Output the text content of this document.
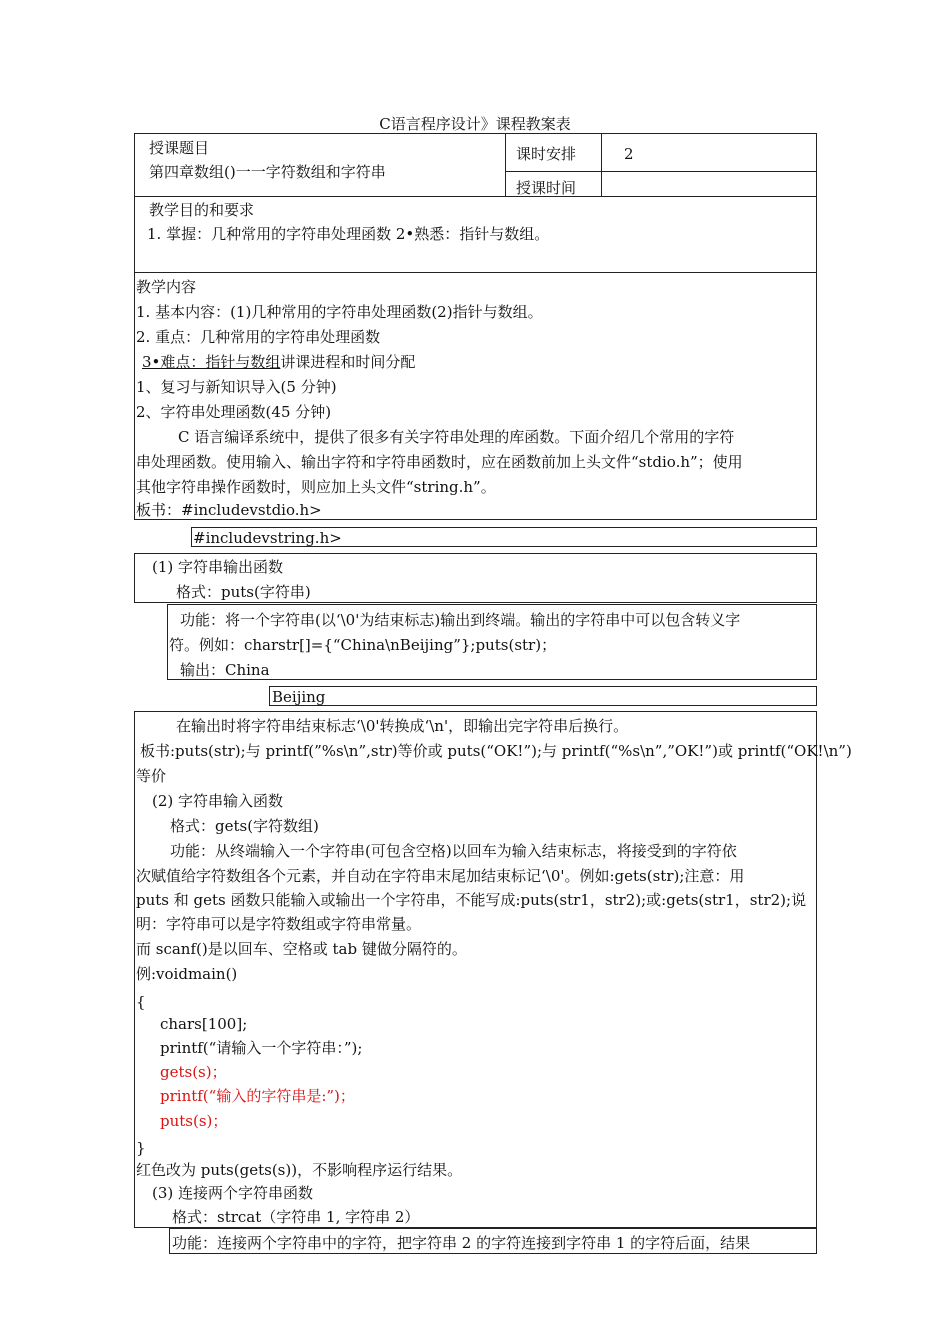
C语言程序设计》课程教案表
授课题目
第四章数组()一一字符数组和字符串
课时安排	2
授课时间
教学目的和要求
1. 掌握：几种常用的字符串处理函数 2•熟悉：指针与数组。
教学内容
1. 基本内容：(1)几种常用的字符串处理函数(2)指针与数组。
2. 重点：几种常用的字符串处理函数
3•难点：指针与数组讲课进程和时间分配
1、复习与新知识导入(5 分钟)
2、字符串处理函数(45 分钟)
C 语言编译系统中，提供了很多有关字符串处理的库函数。下面介绍几个常用的字符
串处理函数。使用输入、输出字符和字符串函数时，应在函数前加上头文件“stdio.h”；使用
其他字符串操作函数时，则应加上头文件“string.h”。
板书：#includevstdio.h>
#includevstring.h>
(1) 字符串输出函数
格式：puts(字符串)
功能：将一个字符串(以‘\0'为结束标志)输出到终端。输出的字符串中可以包含转义字
符。例如：charstr[]={“China\nBeijing”};puts(str)；
输出：China
Beijing
在输出时将字符串结束标志‘\0'转换成‘\n'，即输出完字符串后换行。
板书:puts(str);与 printf(”%s\n”,str)等价或 puts(“OK!”);与 printf(“%s\n”,”OK!”)或 printf(“OK!\n”)
等价
(2) 字符串输入函数
格式：gets(字符数组)
功能：从终端输入一个字符串(可包含空格)以回车为输入结束标志，将接受到的字符依
次赋值给字符数组各个元素，并自动在字符串末尾加结束标记‘\0'。例如:gets(str);注意：用
puts 和 gets 函数只能输入或输出一个字符串，不能写成:puts(str1，str2);或:gets(str1，str2);说
明：字符串可以是字符数组或字符串常量。
而 scanf()是以回车、空格或 tab 键做分隔符的。
例:voidmain()
{
chars[100];
printf(“请输入一个字符串：”);
gets(s)；
printf(“输入的字符串是:”)；
puts(s)；
}
红色改为 puts(gets(s))，不影响程序运行结果。
(3) 连接两个字符串函数
格式：strcat（字符串 1, 字符串 2）
功能：连接两个字符串中的字符，把字符串 2 的字符连接到字符串 1 的字符后面，结果
